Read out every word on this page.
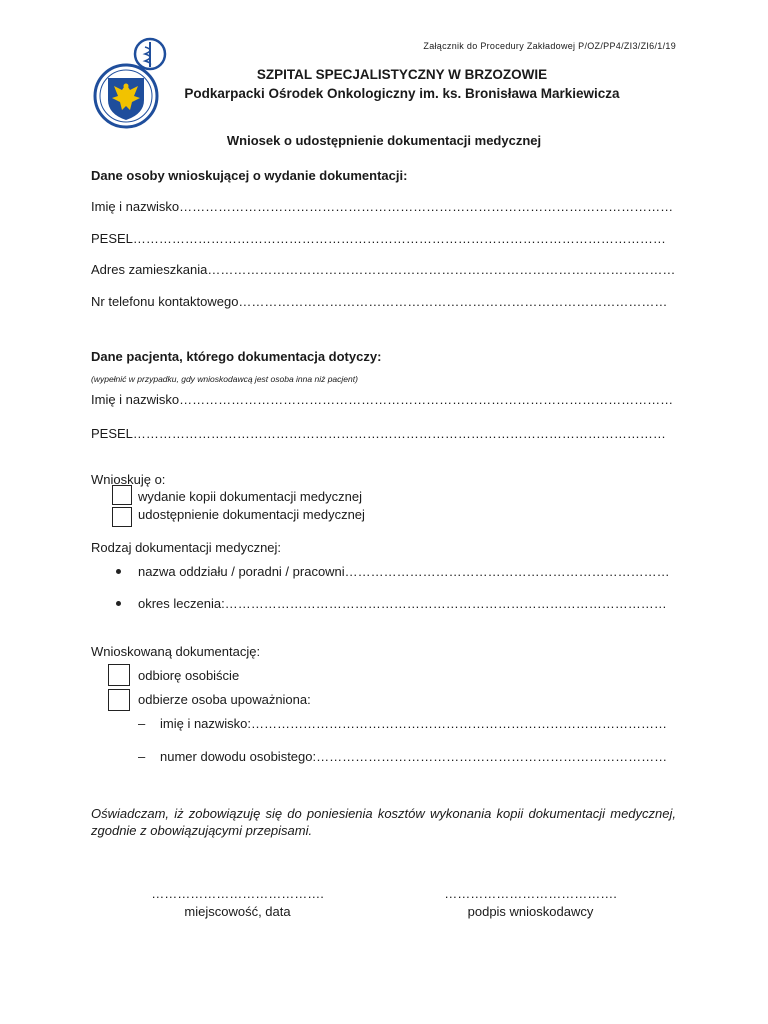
Załącznik do Procedury Zakładowej P/OZ/PP4/ZI3/ZI6/1/19
SZPITAL SPECJALISTYCZNY W BRZOZOWIE
Podkarpacki Ośrodek Onkologiczny im. ks. Bronisława Markiewicza
Wniosek o udostępnienie dokumentacji medycznej
Dane osoby wnioskującej o wydanie dokumentacji:
Imię i nazwisko……………………………………………………………………………………………………
PESEL……………………………………………………………………………………………………………
Adres zamieszkania………………………………………………………………………………………………
Nr telefonu kontaktowego………………………………………………………………………………………
Dane pacjenta, którego dokumentacja dotyczy:
(wypełnić w przypadku, gdy wnioskodawcą jest osoba inna niż pacjent)
Imię i nazwisko……………………………………………………………………………………………………
PESEL……………………………………………………………………………………………………………
Wnioskuję o:
wydanie kopii dokumentacji medycznej
udostępnienie dokumentacji medycznej
Rodzaj dokumentacji medycznej:
nazwa oddziału / poradni / pracowni…………………………………………………………………
okres leczenia:…………………………………………………………………………………………
Wnioskowaną dokumentację:
odbiorę osobiście
odbierze osoba upoważniona:
– imię i nazwisko:……………………………………………………………………………………
– numer dowodu osobistego:………………………………………………………………………
Oświadczam, iż zobowiązuję się do poniesienia kosztów wykonania kopii dokumentacji medycznej, zgodnie z obowiązującymi przepisami.
………………………………….
miejscowość, data
………………………………….
podpis wnioskodawcy
